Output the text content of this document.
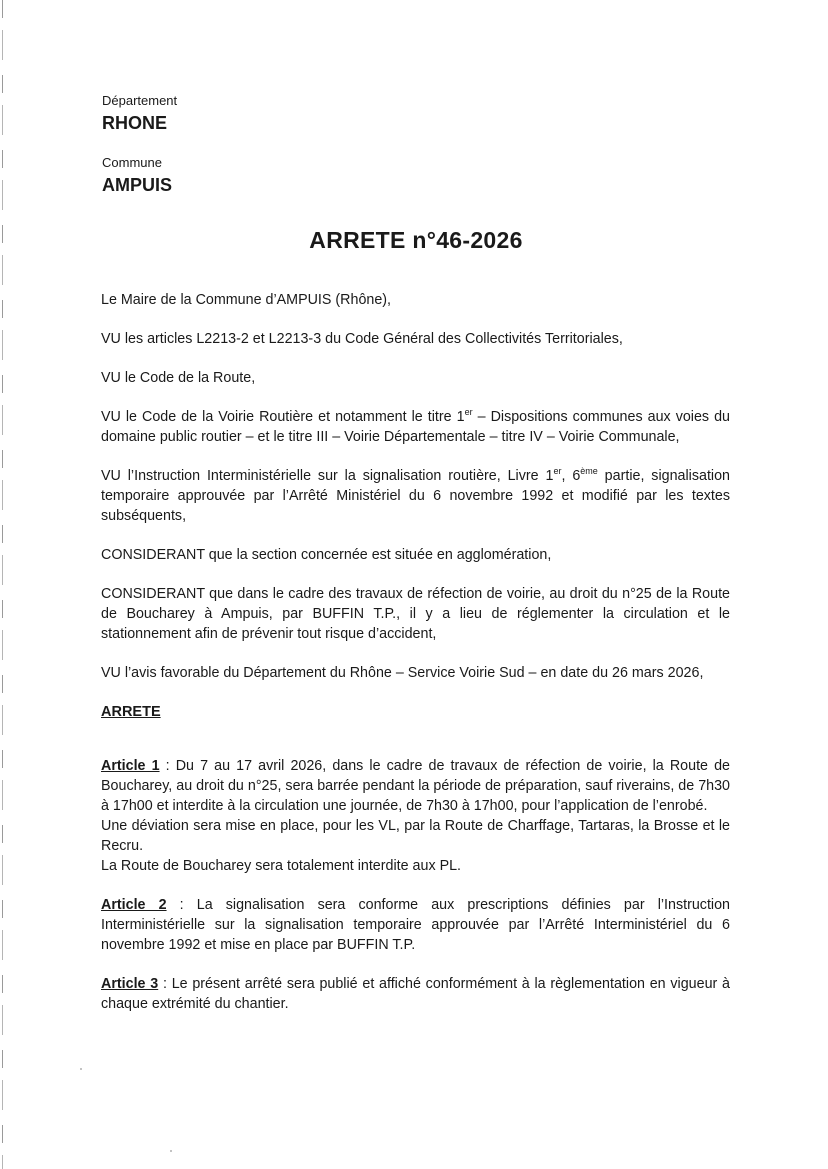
Département
RHONE
Commune
AMPUIS
ARRETE n°46-2026

Le Maire de la Commune d’AMPUIS (Rhône),

VU les articles L2213-2 et L2213-3 du Code Général des Collectivités Territoriales,

VU le Code de la Route,

VU le Code de la Voirie Routière et notamment le titre 1er – Dispositions communes aux voies du domaine public routier – et le titre III – Voirie Départementale – titre IV – Voirie Communale,

VU l’Instruction Interministérielle sur la signalisation routière, Livre 1er, 6ème partie, signalisation temporaire approuvée par l’Arrêté Ministériel du 6 novembre 1992 et modifié par les textes subséquents,

CONSIDERANT que la section concernée est située en agglomération,

CONSIDERANT que dans le cadre des travaux de réfection de voirie, au droit du n°25 de la Route de Boucharey à Ampuis, par BUFFIN T.P., il y a lieu de réglementer la circulation et le stationnement afin de prévenir tout risque d’accident,

VU l’avis favorable du Département du Rhône – Service Voirie Sud – en date du 26 mars 2026,

ARRETE

Article 1 : Du 7 au 17 avril 2026, dans le cadre de travaux de réfection de voirie, la Route de Boucharey, au droit du n°25, sera barrée pendant la période de préparation, sauf riverains, de 7h30 à 17h00 et interdite à la circulation une journée, de 7h30 à 17h00, pour l’application de l’enrobé.

Une déviation sera mise en place, pour les VL, par la Route de Charffage, Tartaras, la Brosse et le Recru.

La Route de Boucharey sera totalement interdite aux PL.

Article 2 : La signalisation sera conforme aux prescriptions définies par l’Instruction Interministérielle sur la signalisation temporaire approuvée par l’Arrêté Interministériel du 6 novembre 1992 et mise en place par BUFFIN T.P.

Article 3 : Le présent arrêté sera publié et affiché conformément à la règlementation en vigueur à chaque extrémité du chantier.
